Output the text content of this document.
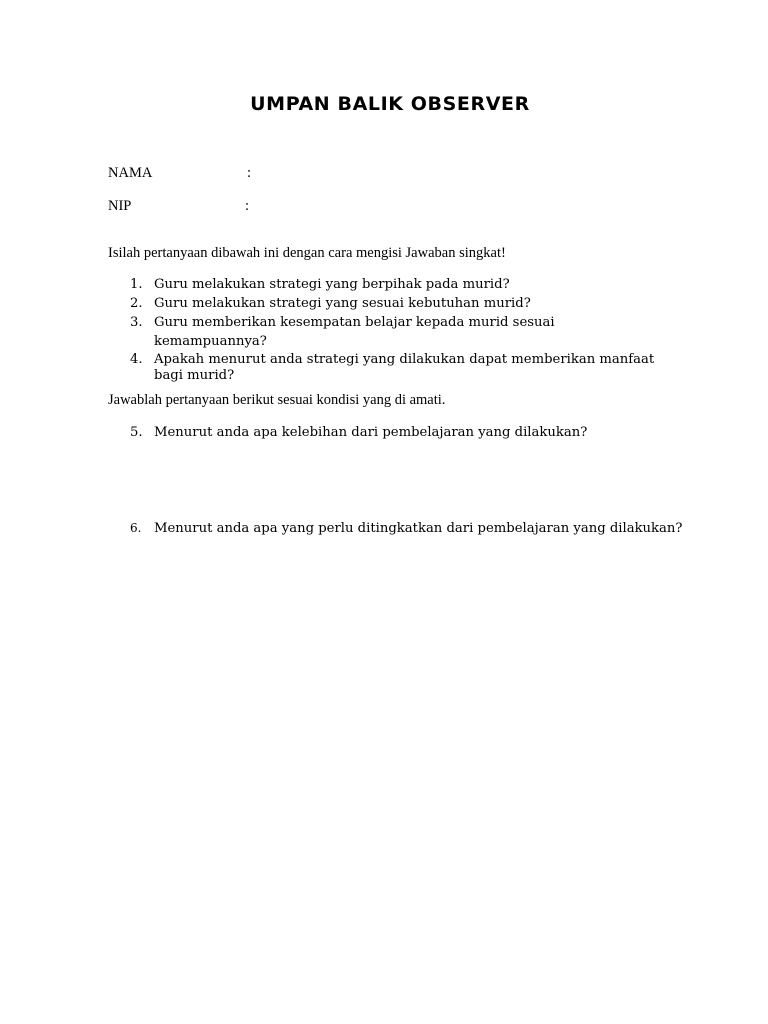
UMPAN BALIK OBSERVER
NAMA	:
NIP	:

Isilah pertanyaan dibawah ini dengan cara mengisi Jawaban singkat!

1. Guru melakukan strategi yang berpihak pada murid?
2. Guru melakukan strategi yang sesuai kebutuhan murid?
3. Guru memberikan kesempatan belajar kepada murid sesuai kemampuannya?
4. Apakah menurut anda strategi yang dilakukan dapat memberikan manfaat bagi murid?

Jawablah pertanyaan berikut sesuai kondisi yang di amati.

5. Menurut anda apa kelebihan dari pembelajaran yang dilakukan?
6. Menurut anda apa yang perlu ditingkatkan dari pembelajaran yang dilakukan?
